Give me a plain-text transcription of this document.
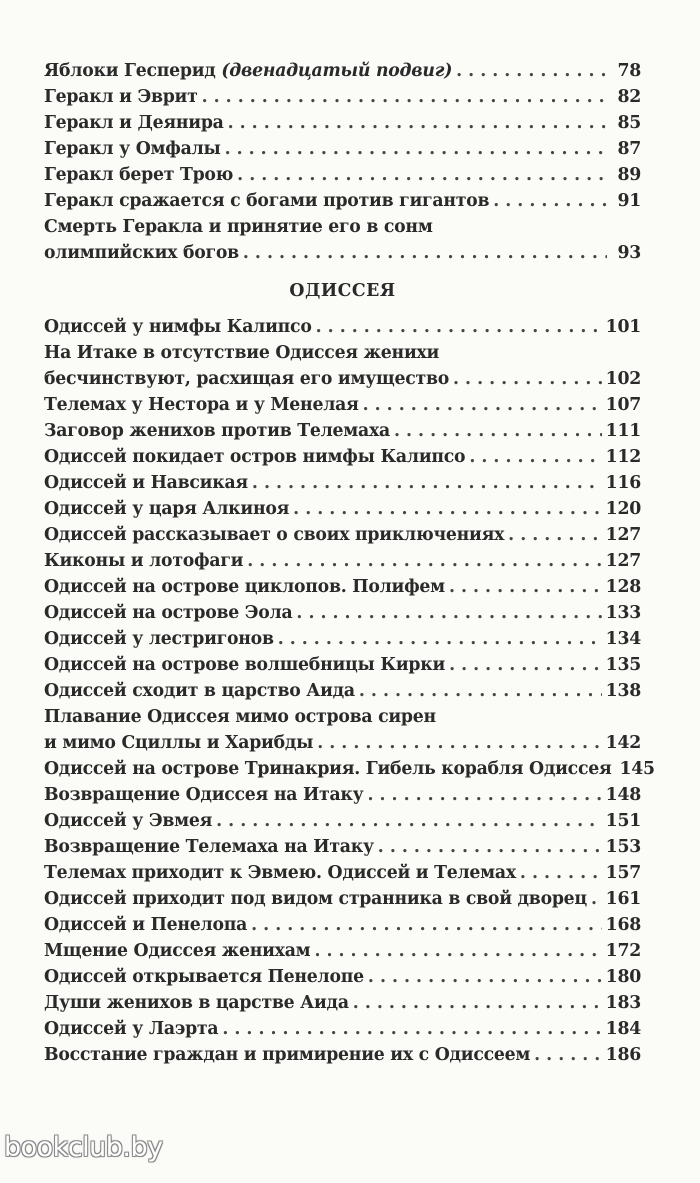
Яблоки Гесперид (двенадцатый подвиг) . . .	78
Геракл и Эврит . . .	82
Геракл и Деянира . . .	85
Геракл у Омфалы . . .	87
Геракл берет Трою . . .	89
Геракл сражается с богами против гигантов . . .	91
Смерть Геракла и принятие его в сонм
олимпийских богов . . .	93
ОДИССЕЯ
Одиссей у нимфы Калипсо . . .	101
На Итаке в отсутствие Одиссея женихи
бесчинствуют, расхищая его имущество . . .	102
Телемах у Нестора и у Менелая . . .	107
Заговор женихов против Телемаха . . .	111
Одиссей покидает остров нимфы Калипсо . . .	112
Одиссей и Навсикая . . .	116
Одиссей у царя Алкиноя . . .	120
Одиссей рассказывает о своих приключениях . . .	127
Киконы и лотофаги . . .	127
Одиссей на острове циклопов. Полифем . . .	128
Одиссей на острове Эола . . .	133
Одиссей у лестригонов . . .	134
Одиссей на острове волшебницы Кирки . . .	135
Одиссей сходит в царство Аида . . .	138
Плавание Одиссея мимо острова сирен
и мимо Сциллы и Харибды . . .	142
Одиссей на острове Тринакрия. Гибель корабля Одиссея 145
Возвращение Одиссея на Итаку . . .	148
Одиссей у Эвмея . . .	151
Возвращение Телемаха на Итаку . . .	153
Телемах приходит к Эвмею. Одиссей и Телемах . . .	157
Одиссей приходит под видом странника в свой дворец . . . 161
Одиссей и Пенелопа . . .	168
Мщение Одиссея женихам . . .	172
Одиссей открывается Пенелопе . . .	180
Души женихов в царстве Аида . . .	183
Одиссей у Лаэрта . . .	184
Восстание граждан и примирение их с Одиссеем . . .	186
bookclub.by
